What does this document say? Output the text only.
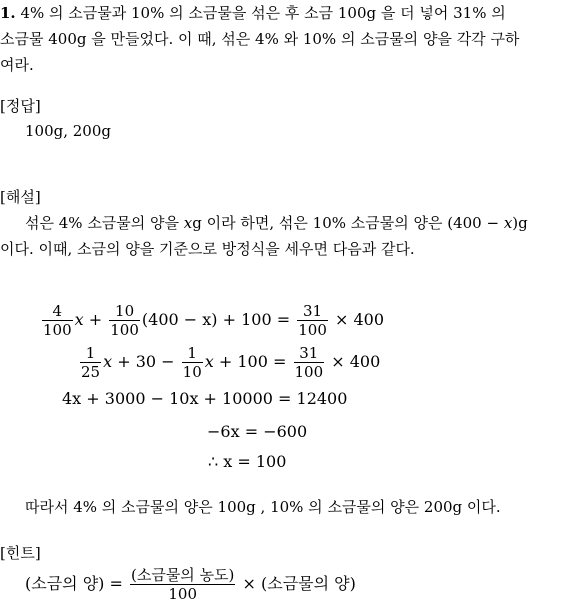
1. 4% 의 소금물과 10% 의 소금물을 섞은 후 소금 100g 을 더 넣어 31% 의
소금물 400g 을 만들었다. 이 때, 섞은 4% 와 10% 의 소금물의 양을 각각 구하
여라.
[정답]
100g, 200g
[해설]
섞은 4% 소금물의 양을 xg 이라 하면, 섞은 10% 소금물의 양은 (400 − x)g
이다. 이때, 소금의 양을 기준으로 방정식을 세우면 다음과 같다.
$\frac{4}{100}$ $x + \frac{10}{100} (400 - x) + 100 = \frac{31}{100} \times 400$
$\frac{1}{25}$ $x + 30 - \frac{1}{10}$ $x + 100 = \frac{31}{100} \times 400$
4x + 3000 − 10x + 10000 = 12400
−6x = −600
∴ x = 100
따라서 4% 의 소금물의 양은 100g , 10% 의 소금물의 양은 200g 이다.
[힌트]
(소금의 양) = $\frac{\text{(소금물의 농도)}}{100}$ × (소금물의 양)
